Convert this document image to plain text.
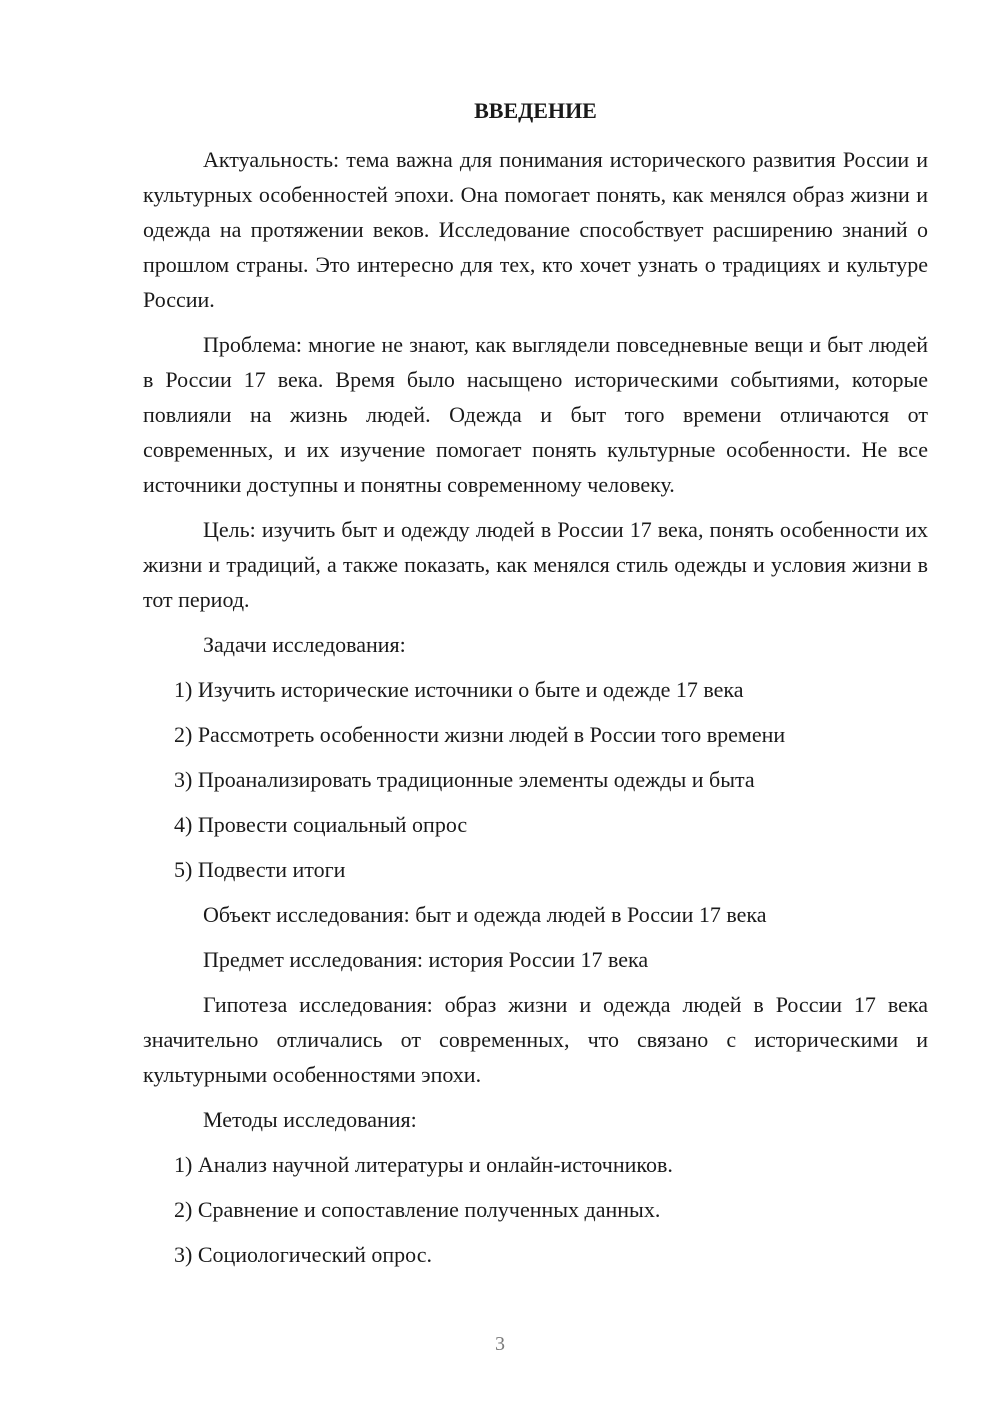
ВВЕДЕНИЕ

Актуальность: тема важна для понимания исторического развития России и культурных особенностей эпохи. Она помогает понять, как менялся образ жизни и одежда на протяжении веков. Исследование способствует расширению знаний о прошлом страны. Это интересно для тех, кто хочет узнать о традициях и культуре России.

Проблема: многие не знают, как выглядели повседневные вещи и быт людей в России 17 века. Время было насыщено историческими событиями, которые повлияли на жизнь людей. Одежда и быт того времени отличаются от современных, и их изучение помогает понять культурные особенности. Не все источники доступны и понятны современному человеку.

Цель: изучить быт и одежду людей в России 17 века, понять особенности их жизни и традиций, а также показать, как менялся стиль одежды и условия жизни в тот период.

Задачи исследования:

1) Изучить исторические источники о быте и одежде 17 века
2) Рассмотреть особенности жизни людей в России того времени
3) Проанализировать традиционные элементы одежды и быта
4) Провести социальный опрос
5) Подвести итоги

Объект исследования: быт и одежда людей в России 17 века

Предмет исследования: история России 17 века

Гипотеза исследования: образ жизни и одежда людей в России 17 века значительно отличались от современных, что связано с историческими и культурными особенностями эпохи.

Методы исследования:

1) Анализ научной литературы и онлайн-источников.
2) Сравнение и сопоставление полученных данных.
3) Социологический опрос.
3
